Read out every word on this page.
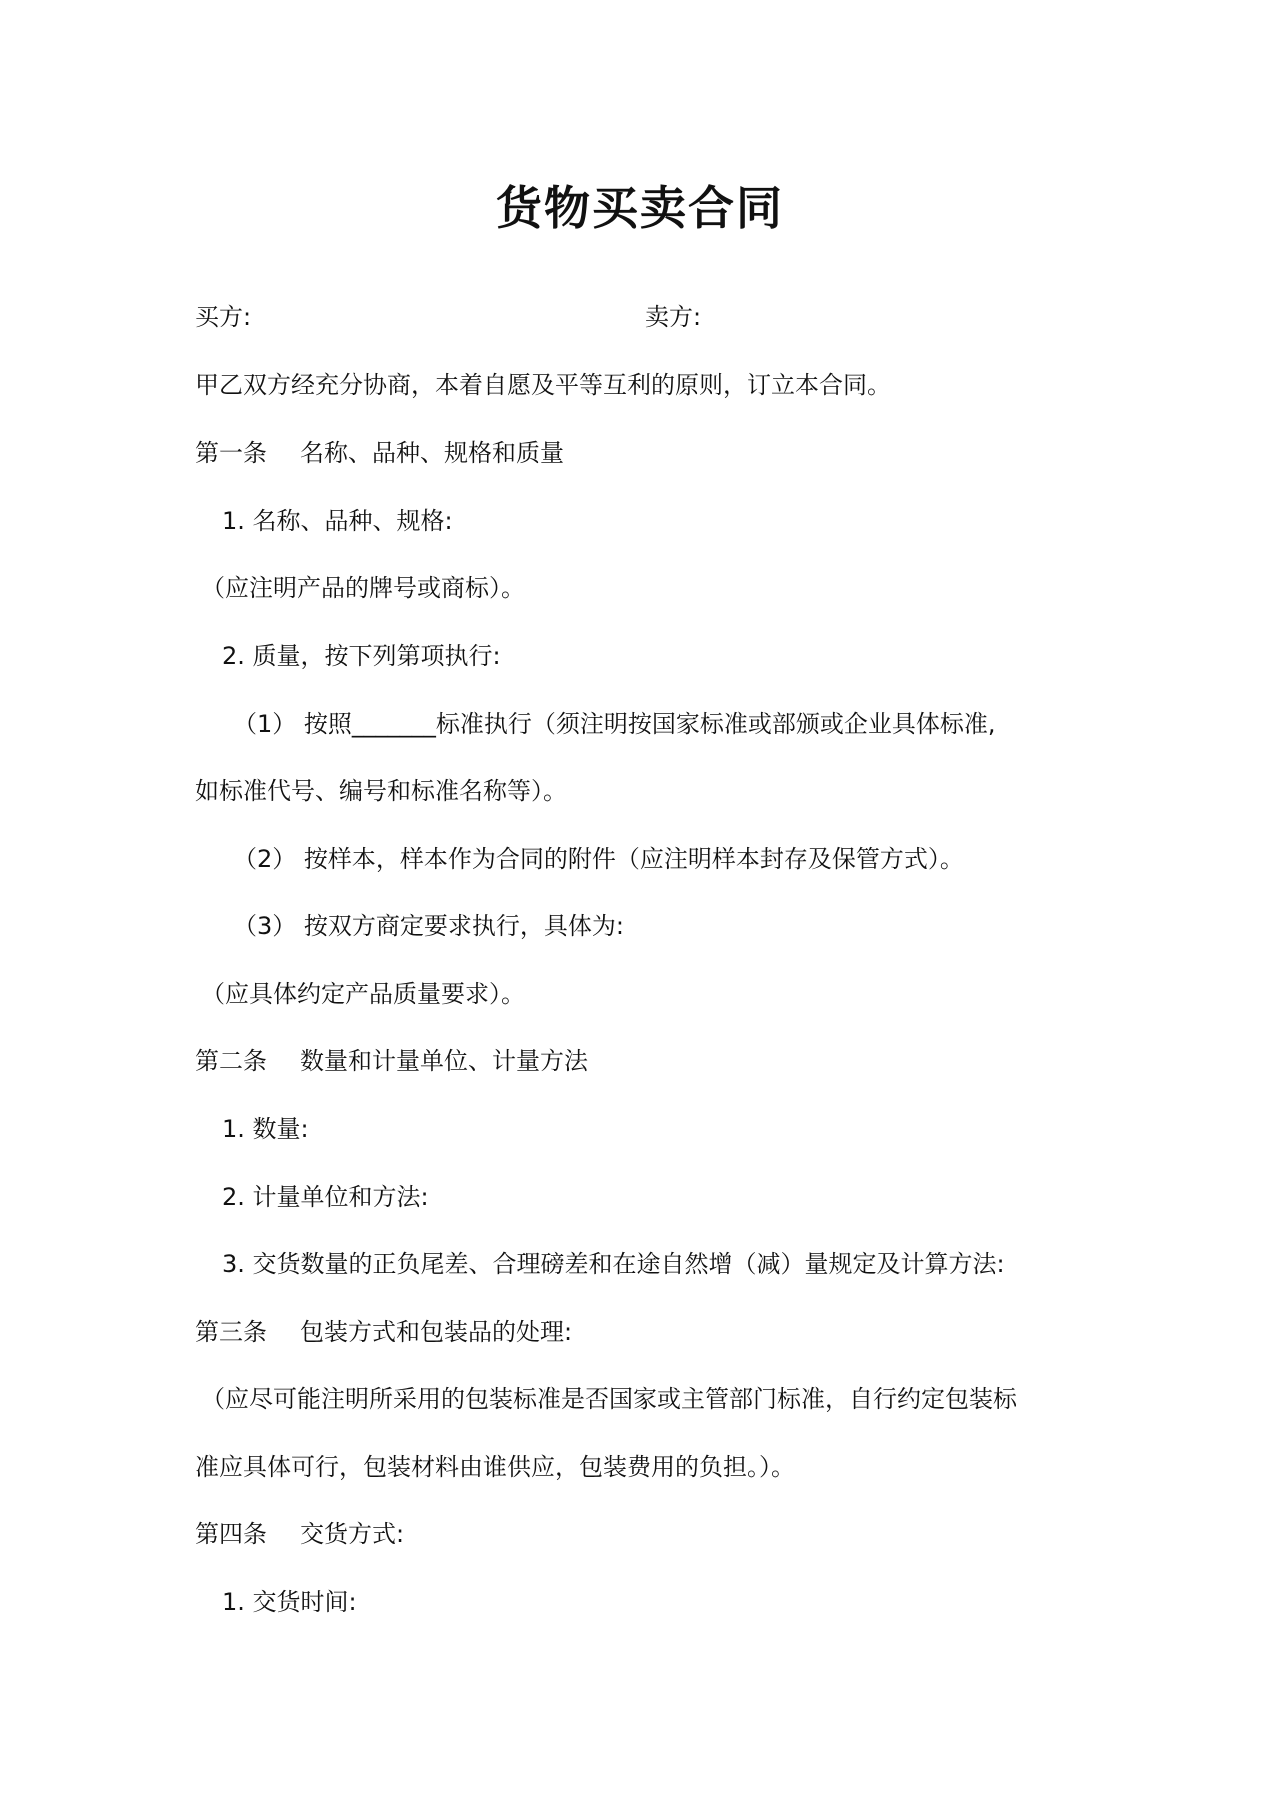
货物买卖合同
买方:	卖方:
甲乙双方经充分协商，本着自愿及平等互利的原则，订立本合同。
第一条 名称、品种、规格和质量
1. 名称、品种、规格:
（应注明产品的牌号或商标）。
2. 质量，按下列第项执行:
（1） 按照_______标准执行（须注明按国家标准或部颁或企业具体标准,
如标准代号、编号和标准名称等）。
（2） 按样本，样本作为合同的附件（应注明样本封存及保管方式）。
（3） 按双方商定要求执行，具体为:
（应具体约定产品质量要求）。
第二条 数量和计量单位、计量方法
1. 数量:
2. 计量单位和方法:
3. 交货数量的正负尾差、合理磅差和在途自然增（减）量规定及计算方法:
第三条 包装方式和包装品的处理:
（应尽可能注明所采用的包装标准是否国家或主管部门标准，自行约定包装标
准应具体可行，包装材料由谁供应，包装费用的负担。）。
第四条 交货方式:
1. 交货时间:
